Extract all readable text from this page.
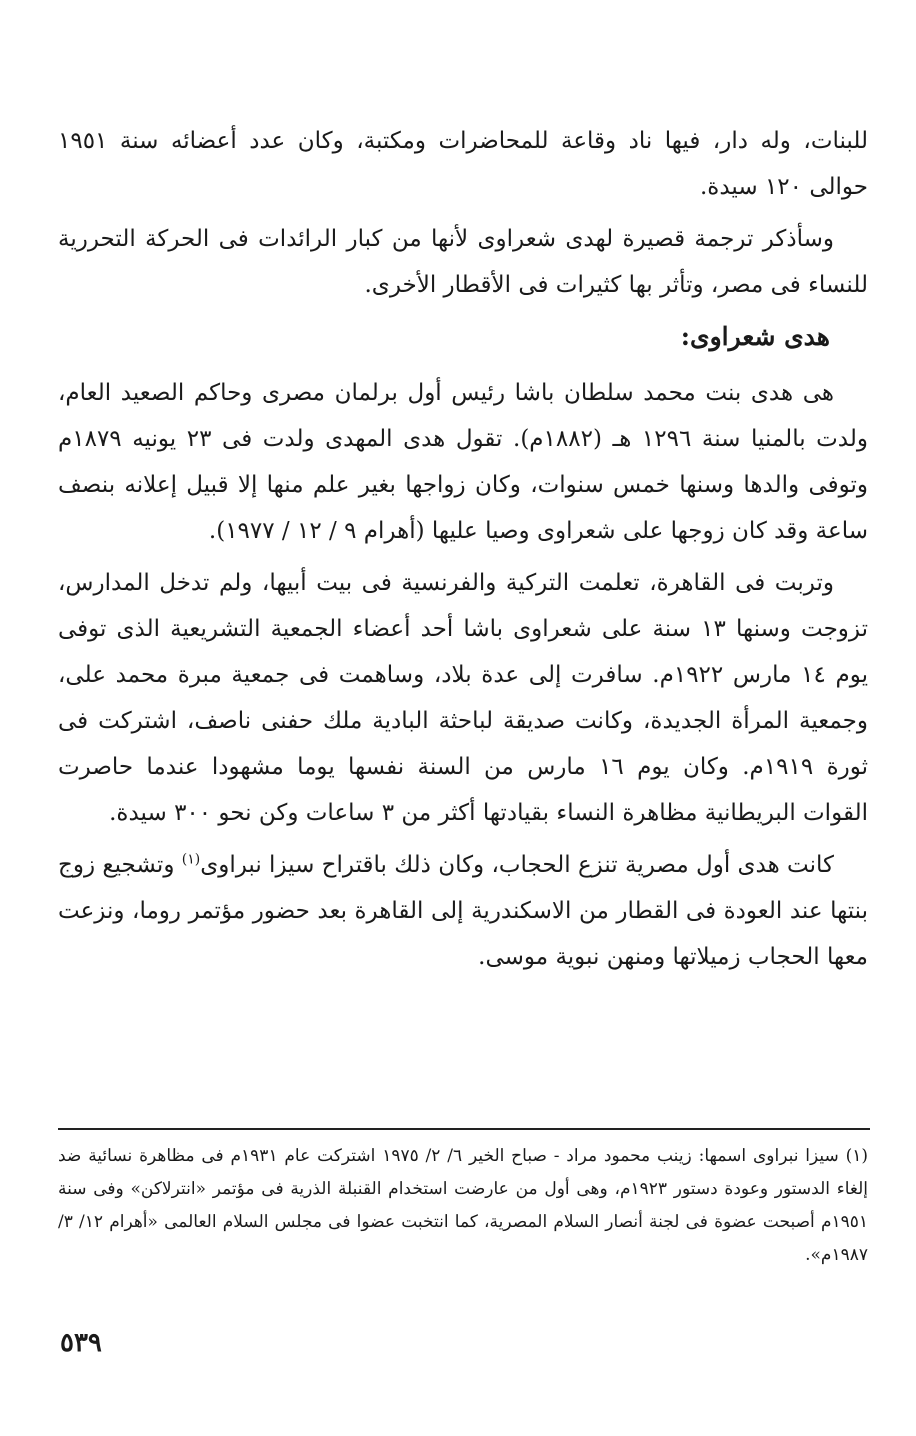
للبنات، وله دار، فيها ناد وقاعة للمحاضرات ومكتبة، وكان عدد أعضائه سنة ١٩٥١ حوالى ١٢٠ سيدة.

وسأذكر ترجمة قصيرة لهدى شعراوى لأنها من كبار الرائدات فى الحركة التحررية للنساء فى مصر، وتأثر بها كثيرات فى الأقطار الأخرى.

هدى شعراوى:

هى هدى بنت محمد سلطان باشا رئيس أول برلمان مصرى وحاكم الصعيد العام، ولدت بالمنيا سنة ١٢٩٦ هـ (١٨٨٢م). تقول هدى المهدى ولدت فى ٢٣ يونيه ١٨٧٩م وتوفى والدها وسنها خمس سنوات، وكان زواجها بغير علم منها إلا قبيل إعلانه بنصف ساعة وقد كان زوجها على شعراوى وصيا عليها (أهرام ٩ / ١٢ / ١٩٧٧).

وتربت فى القاهرة، تعلمت التركية والفرنسية فى بيت أبيها، ولم تدخل المدارس، تزوجت وسنها ١٣ سنة على شعراوى باشا أحد أعضاء الجمعية التشريعية الذى توفى يوم ١٤ مارس ١٩٢٢م. سافرت إلى عدة بلاد، وساهمت فى جمعية مبرة محمد على، وجمعية المرأة الجديدة، وكانت صديقة لباحثة البادية ملك حفنى ناصف، اشتركت فى ثورة ١٩١٩م. وكان يوم ١٦ مارس من السنة نفسها يوما مشهودا عندما حاصرت القوات البريطانية مظاهرة النساء بقيادتها أكثر من ٣ ساعات وكن نحو ٣٠٠ سيدة.

كانت هدى أول مصرية تنزع الحجاب، وكان ذلك باقتراح سيزا نبراوى$^{(١)}$ وتشجيع زوج بنتها عند العودة فى القطار من الاسكندرية إلى القاهرة بعد حضور مؤتمر روما، ونزعت معها الحجاب زميلاتها ومنهن نبوية موسى.

(١) سيزا نبراوى اسمها: زينب محمود مراد - صباح الخير ٦/ ٢/ ١٩٧٥ اشتركت عام ١٩٣١م فى مظاهرة نسائية ضد إلغاء الدستور وعودة دستور ١٩٢٣م، وهى أول من عارضت استخدام القنبلة الذرية فى مؤتمر «انترلاكن» وفى سنة ١٩٥١م أصبحت عضوة فى لجنة أنصار السلام المصرية، كما انتخبت عضوا فى مجلس السلام العالمى «أهرام ١٢/ ٣/ ١٩٨٧م».
٥٣٩
